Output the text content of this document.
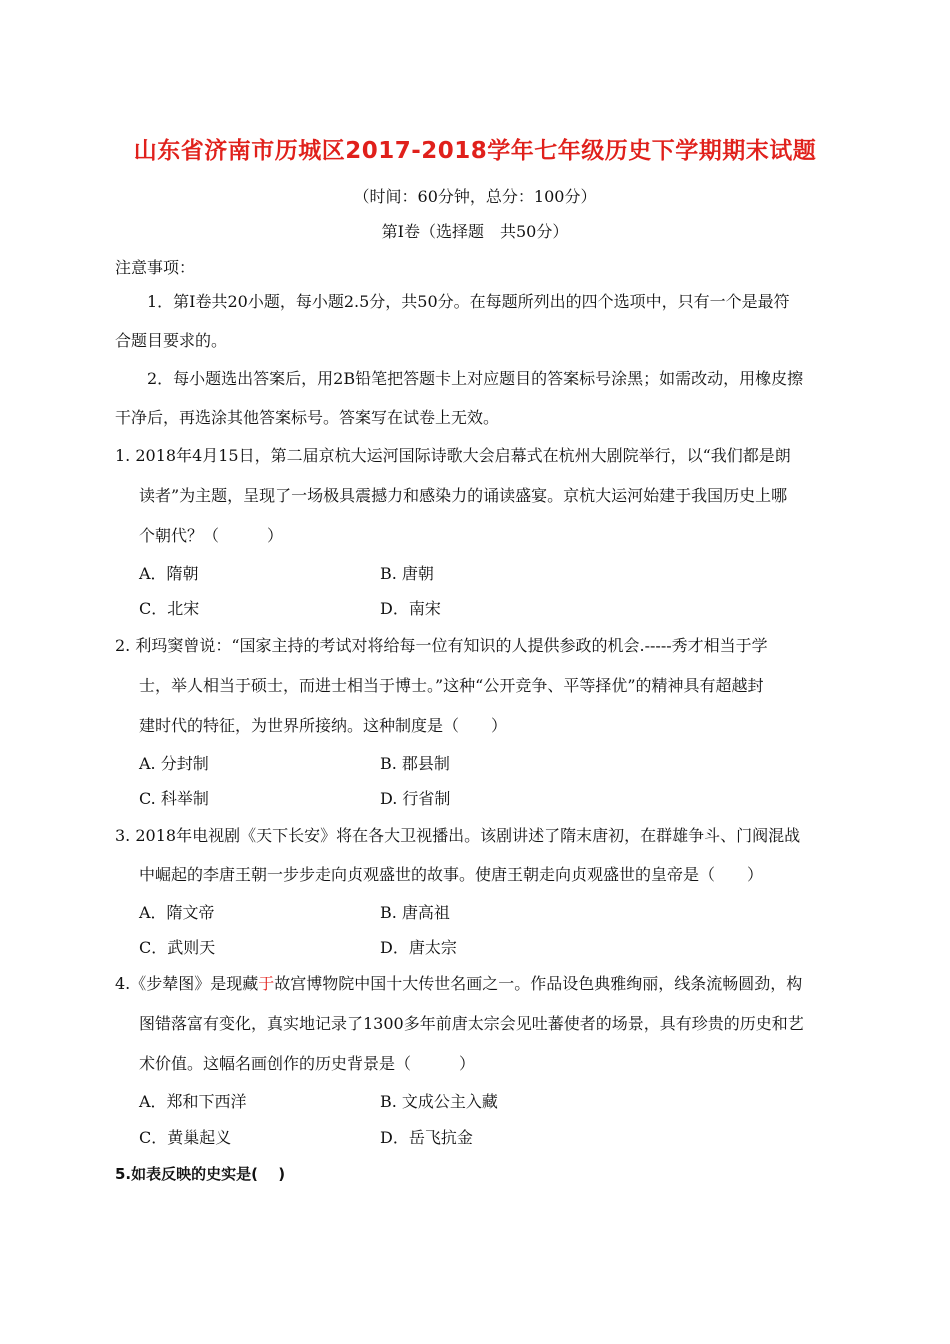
山东省济南市历城区2017-2018学年七年级历史下学期期末试题
（时间：60分钟，总分：100分）
第Ⅰ卷（选择题　共50分）
注意事项：
1．第Ⅰ卷共20小题，每小题2.5分，共50分。在每题所列出的四个选项中，只有一个是最符
合题目要求的。
2．每小题选出答案后，用2B铅笔把答题卡上对应题目的答案标号涂黑；如需改动，用橡皮擦
干净后，再选涂其他答案标号。答案写在试卷上无效。
1. 2018年4月15日，第二届京杭大运河国际诗歌大会启幕式在杭州大剧院举行，以“我们都是朗
读者”为主题，呈现了一场极具震撼力和感染力的诵读盛宴。京杭大运河始建于我国历史上哪
个朝代？（　　　）
A．隋朝	B. 唐朝
C．北宋	D．南宋
2. 利玛窦曾说：“国家主持的考试对将给每一位有知识的人提供参政的机会.-----秀才相当于学
士，举人相当于硕士，而进士相当于博士。”这种“公开竞争、平等择优”的精神具有超越封
建时代的特征，为世界所接纳。这种制度是（　　）
A. 分封制	B. 郡县制
C. 科举制	D. 行省制
3. 2018年电视剧《天下长安》将在各大卫视播出。该剧讲述了隋末唐初，在群雄争斗、门阀混战
中崛起的李唐王朝一步步走向贞观盛世的故事。使唐王朝走向贞观盛世的皇帝是（　　）
A．隋文帝	B. 唐高祖
C．武则天	D．唐太宗
4.《步辇图》是现藏于故宫博物院中国十大传世名画之一。作品设色典雅绚丽，线条流畅圆劲，构
图错落富有变化，真实地记录了1300多年前唐太宗会见吐蕃使者的场景，具有珍贵的历史和艺
术价值。这幅名画创作的历史背景是（　　　）
A．郑和下西洋	B. 文成公主入藏
C．黄巢起义	D．岳飞抗金
5.如表反映的史实是(　 )
